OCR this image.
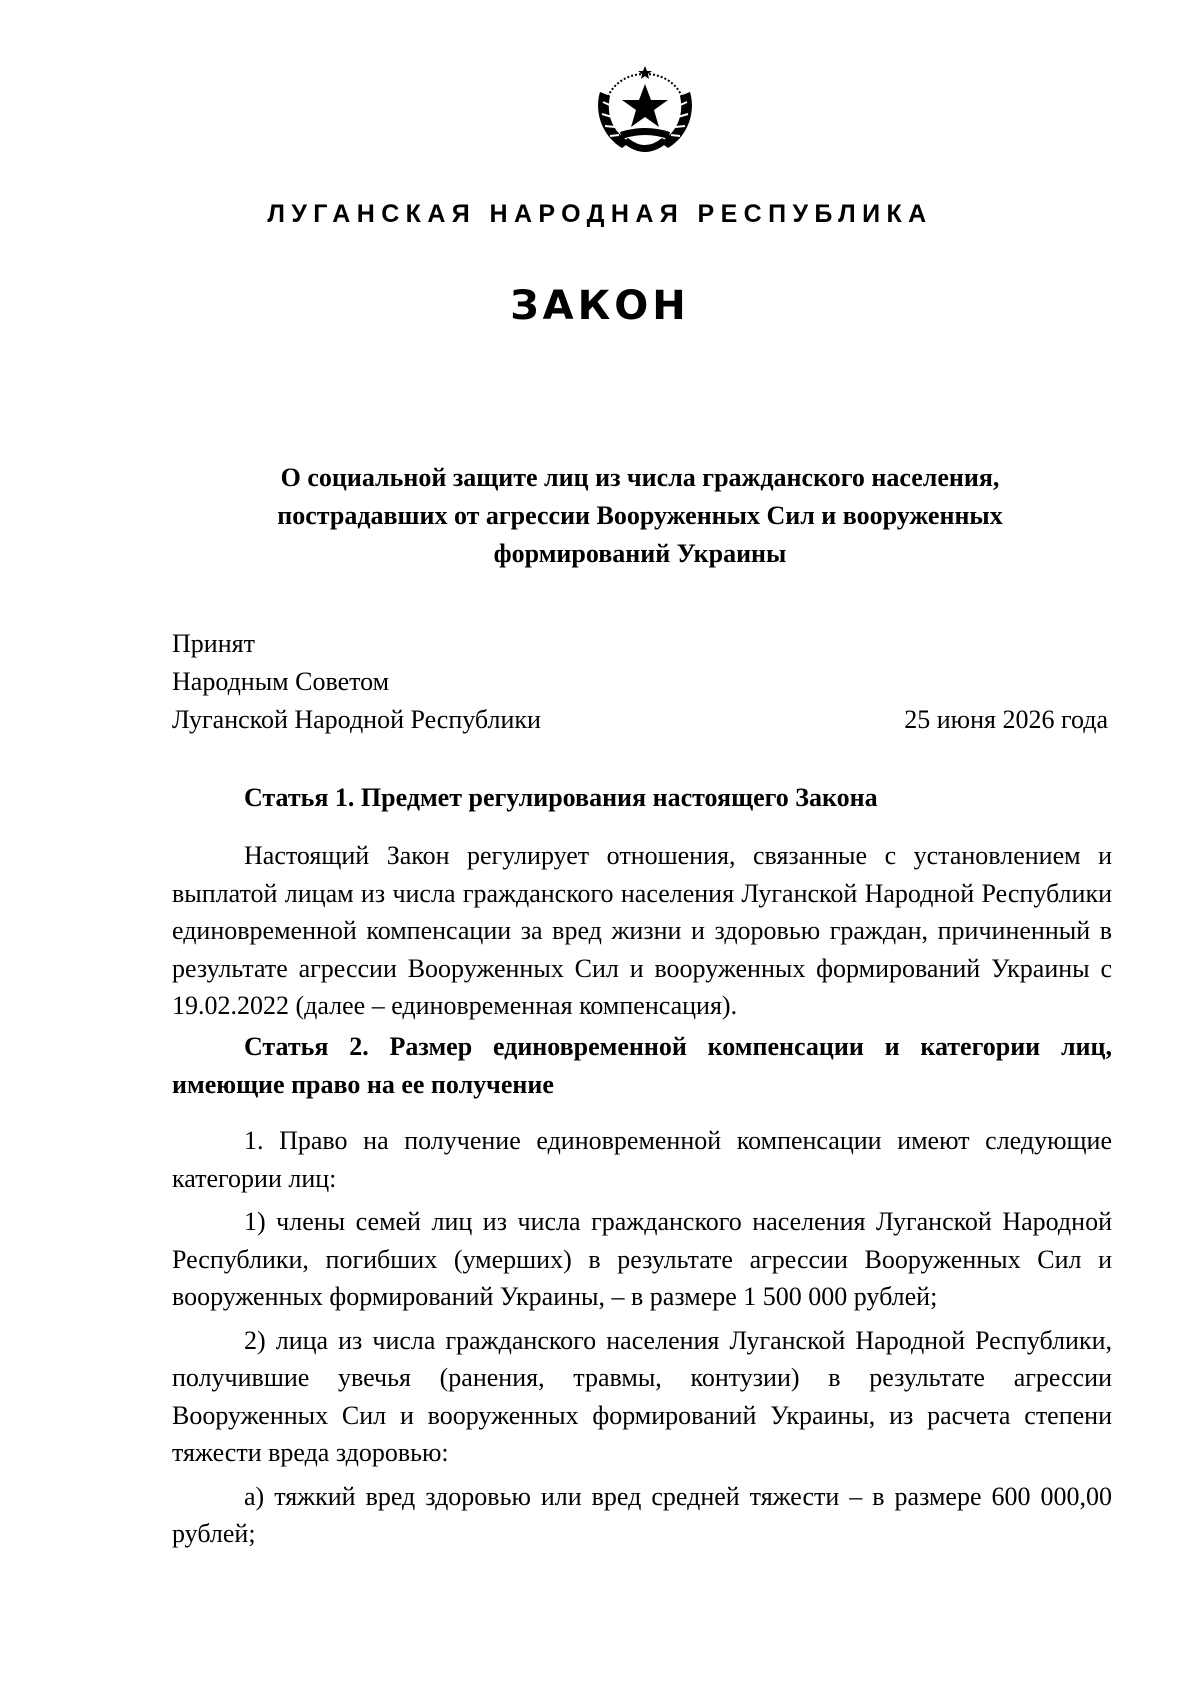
ЛУГАНСКАЯ НАРОДНАЯ РЕСПУБЛИКА
ЗАКОН
О социальной защите лиц из числа гражданского населения,
пострадавших от агрессии Вооруженных Сил и вооруженных
формирований Украины
Принят
Народным Советом
Луганской Народной Республики	25 июня 2026 года

Статья 1. Предмет регулирования настоящего Закона

Настоящий Закон регулирует отношения, связанные с установлением и выплатой лицам из числа гражданского населения Луганской Народной Республики единовременной компенсации за вред жизни и здоровью граждан, причиненный в результате агрессии Вооруженных Сил и вооруженных формирований Украины с 19.02.2022 (далее – единовременная компенсация).

Статья 2. Размер единовременной компенсации и категории лиц, имеющие право на ее получение

1. Право на получение единовременной компенсации имеют следующие категории лиц:

1) члены семей лиц из числа гражданского населения Луганской Народной Республики, погибших (умерших) в результате агрессии Вооруженных Сил и вооруженных формирований Украины, – в размере 1 500 000 рублей;

2) лица из числа гражданского населения Луганской Народной Республики, получившие увечья (ранения, травмы, контузии) в результате агрессии Вооруженных Сил и вооруженных формирований Украины, из расчета степени тяжести вреда здоровью:

а) тяжкий вред здоровью или вред средней тяжести – в размере 600 000,00 рублей;
